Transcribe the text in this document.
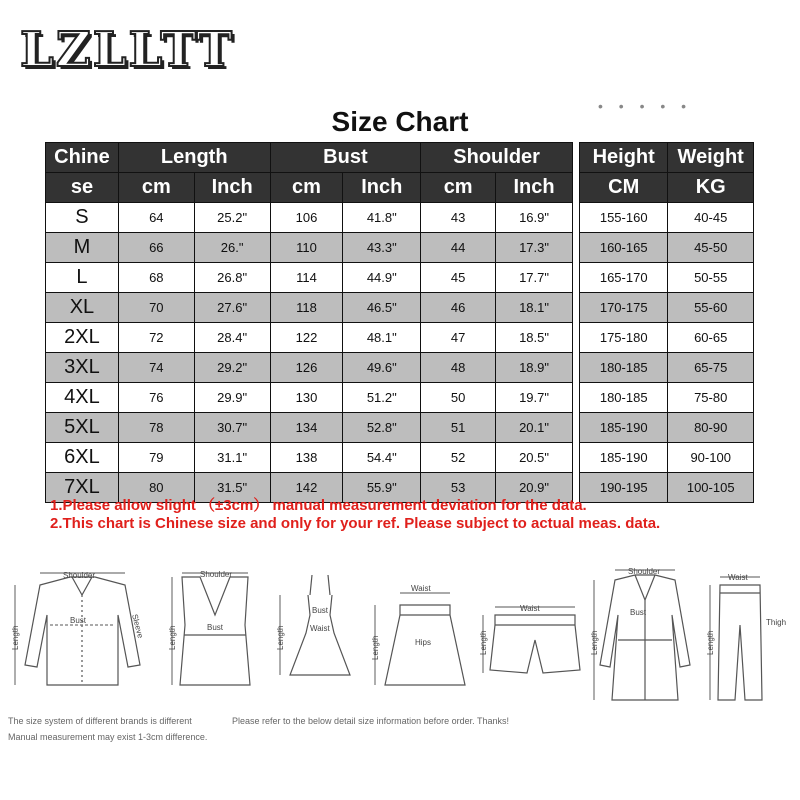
LZLLTT
• • • • •
Size Chart
Chine	Length		Bust		Shoulder	
se	cm	Inch	cm	Inch	cm	Inch
S	64	25.2"	106	41.8"	43	16.9"
M	66	26."	110	43.3"	44	17.3"
L	68	26.8"	114	44.9"	45	17.7"
XL	70	27.6"	118	46.5"	46	18.1"
2XL	72	28.4"	122	48.1"	47	18.5"
3XL	74	29.2"	126	49.6"	48	18.9"
4XL	76	29.9"	130	51.2"	50	19.7"
5XL	78	30.7"	134	52.8"	51	20.1"
6XL	79	31.1"	138	54.4"	52	20.5"
7XL	80	31.5"	142	55.9"	53	20.9"
Height	Weight
CM	KG
155-160	40-45
160-165	45-50
165-170	50-55
170-175	55-60
175-180	60-65
180-185	65-75
180-185	75-80
185-190	80-90
185-190	90-100
190-195	100-105
1.Please allow slight （±3cm） manual measurement deviation for the data.
2.This chart is Chinese size and only for your ref. Please subject to actual meas. data.
Shoulder
Bust
Length	Sleeve
Shoulder
Bust
Length
Bust
Waist
Length
Waist
Hips
Length
Waist
Length
Shoulder
Bust
Length
Waist
Thigh
Length
The size system of different brands is different	Please refer to the below detail size information before order. Thanks!
Manual measurement may exist 1-3cm difference.
